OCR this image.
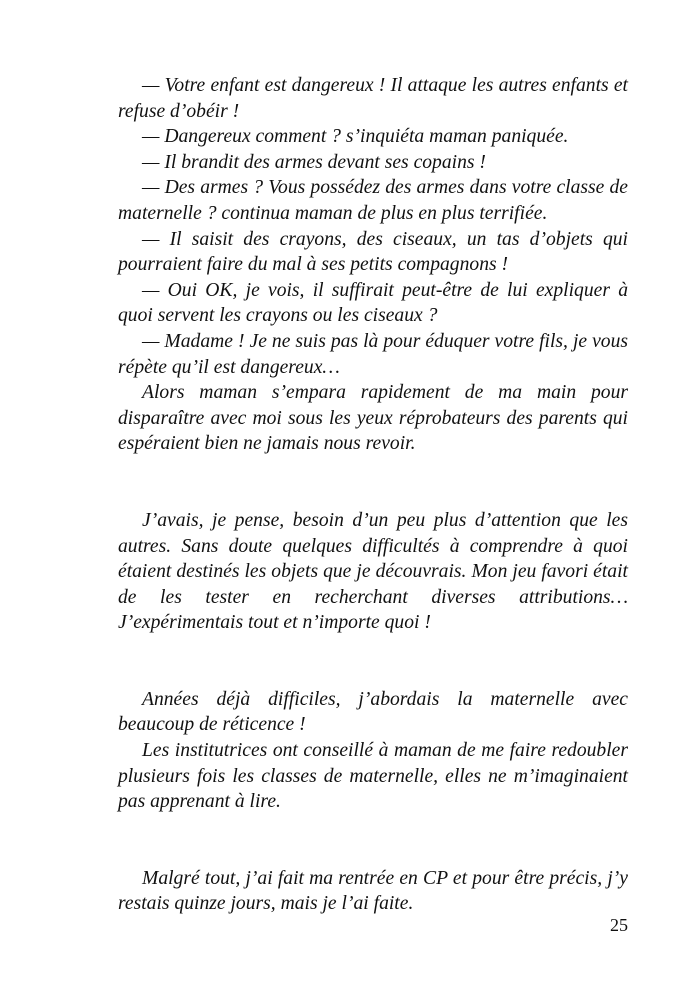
— Votre enfant est dangereux ! Il attaque les autres enfants et refuse d’obéir !

— Dangereux comment ? s’inquiéta maman paniquée.

— Il brandit des armes devant ses copains !

— Des armes ? Vous possédez des armes dans votre classe de maternelle ? continua maman de plus en plus terrifiée.

— Il saisit des crayons, des ciseaux, un tas d’objets qui pourraient faire du mal à ses petits compagnons !

— Oui OK, je vois, il suffirait peut-être de lui expliquer à quoi servent les crayons ou les ciseaux ?

— Madame ! Je ne suis pas là pour éduquer votre fils, je vous répète qu’il est dangereux…

Alors maman s’empara rapidement de ma main pour disparaître avec moi sous les yeux réprobateurs des parents qui espéraient bien ne jamais nous revoir.

J’avais, je pense, besoin d’un peu plus d’attention que les autres. Sans doute quelques difficultés à comprendre à quoi étaient destinés les objets que je découvrais. Mon jeu favori était de les tester en recherchant diverses attributions… J’expérimentais tout et n’importe quoi !

Années déjà difficiles, j’abordais la maternelle avec beaucoup de réticence !

Les institutrices ont conseillé à maman de me faire redoubler plusieurs fois les classes de maternelle, elles ne m’imaginaient pas apprenant à lire.

Malgré tout, j’ai fait ma rentrée en CP et pour être précis, j’y restais quinze jours, mais je l’ai faite.

25
